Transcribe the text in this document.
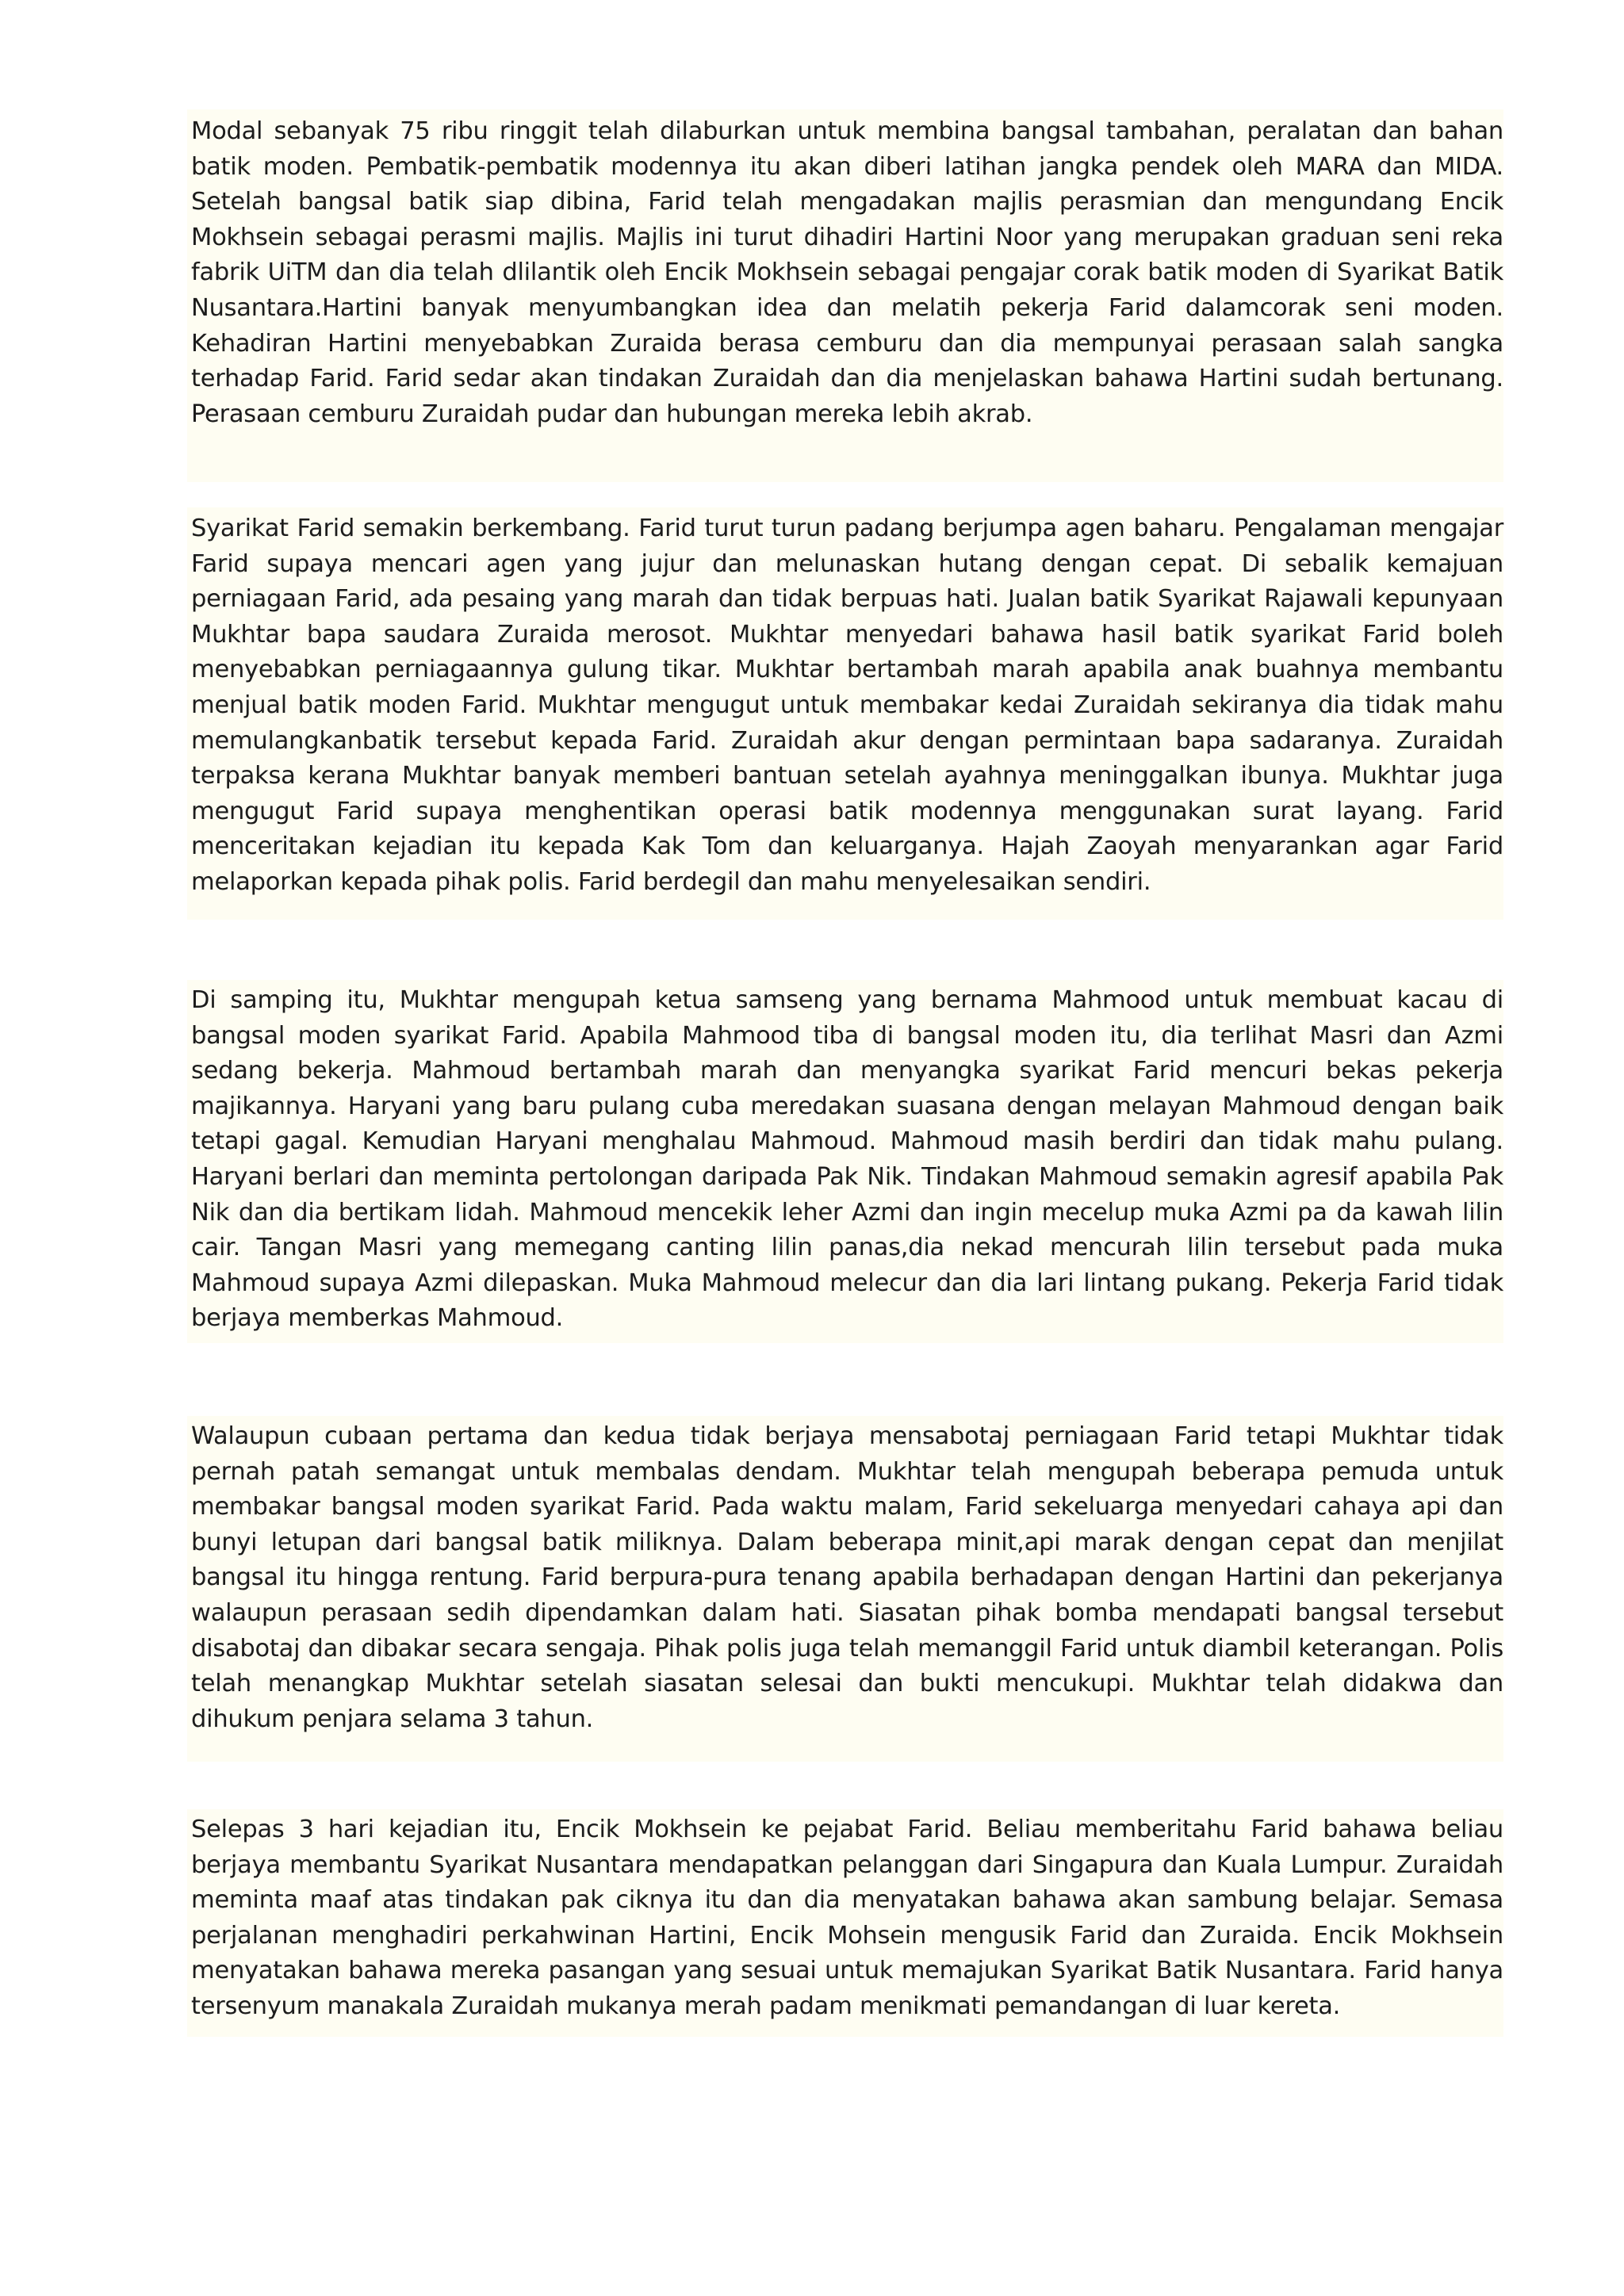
Modal sebanyak 75 ribu ringgit telah dilaburkan untuk membina bangsal tambahan, peralatan dan bahan batik moden. Pembatik-pembatik modennya itu akan diberi latihan jangka pendek oleh MARA dan MIDA. Setelah bangsal batik siap dibina, Farid telah mengadakan majlis perasmian dan mengundang Encik Mokhsein sebagai perasmi majlis. Majlis ini turut dihadiri Hartini Noor yang merupakan graduan seni reka fabrik UiTM dan dia telah dlilantik oleh Encik Mokhsein sebagai pengajar corak batik moden di Syarikat Batik Nusantara.Hartini banyak menyumbangkan idea dan melatih pekerja Farid dalamcorak seni moden. Kehadiran Hartini menyebabkan Zuraida berasa cemburu dan dia mempunyai perasaan salah sangka terhadap Farid. Farid sedar akan tindakan Zuraidah dan dia menjelaskan bahawa Hartini sudah bertunang. Perasaan cemburu Zuraidah pudar dan hubungan mereka lebih akrab.

Syarikat Farid semakin berkembang. Farid turut turun padang berjumpa agen baharu. Pengalaman mengajar Farid supaya mencari agen yang jujur dan melunaskan hutang dengan cepat. Di sebalik kemajuan perniagaan Farid, ada pesaing yang marah dan tidak berpuas hati. Jualan batik Syarikat Rajawali kepunyaan Mukhtar bapa saudara Zuraida merosot. Mukhtar menyedari bahawa hasil batik syarikat Farid boleh menyebabkan perniagaannya gulung tikar. Mukhtar bertambah marah apabila anak buahnya membantu menjual batik moden Farid. Mukhtar mengugut untuk membakar kedai Zuraidah sekiranya dia tidak mahu memulangkanbatik tersebut kepada Farid. Zuraidah akur dengan permintaan bapa sadaranya. Zuraidah terpaksa kerana Mukhtar banyak memberi bantuan setelah ayahnya meninggalkan ibunya. Mukhtar juga mengugut Farid supaya menghentikan operasi batik modennya menggunakan surat layang. Farid menceritakan kejadian itu kepada Kak Tom dan keluarganya. Hajah Zaoyah menyarankan agar Farid melaporkan kepada pihak polis. Farid berdegil dan mahu menyelesaikan sendiri.

Di samping itu, Mukhtar mengupah ketua samseng yang bernama Mahmood untuk membuat kacau di bangsal moden syarikat Farid. Apabila Mahmood tiba di bangsal moden itu, dia terlihat Masri dan Azmi sedang bekerja. Mahmoud bertambah marah dan menyangka syarikat Farid mencuri bekas pekerja majikannya. Haryani yang baru pulang cuba meredakan suasana dengan melayan Mahmoud dengan baik tetapi gagal. Kemudian Haryani menghalau Mahmoud. Mahmoud masih berdiri dan tidak mahu pulang. Haryani berlari dan meminta pertolongan daripada Pak Nik. Tindakan Mahmoud semakin agresif apabila Pak Nik dan dia bertikam lidah. Mahmoud mencekik leher Azmi dan ingin mecelup muka Azmi pa da kawah lilin cair. Tangan Masri yang memegang canting lilin panas,dia nekad mencurah lilin tersebut pada muka Mahmoud supaya Azmi dilepaskan. Muka Mahmoud melecur dan dia lari lintang pukang. Pekerja Farid tidak berjaya memberkas Mahmoud.

Walaupun cubaan pertama dan kedua tidak berjaya mensabotaj perniagaan Farid tetapi Mukhtar tidak pernah patah semangat untuk membalas dendam. Mukhtar telah mengupah beberapa pemuda untuk membakar bangsal moden syarikat Farid. Pada waktu malam, Farid sekeluarga menyedari cahaya api dan bunyi letupan dari bangsal batik miliknya. Dalam beberapa minit,api marak dengan cepat dan menjilat bangsal itu hingga rentung. Farid berpura-pura tenang apabila berhadapan dengan Hartini dan pekerjanya walaupun perasaan sedih dipendamkan dalam hati. Siasatan pihak bomba mendapati bangsal tersebut disabotaj dan dibakar secara sengaja. Pihak polis juga telah memanggil Farid untuk diambil keterangan. Polis telah menangkap Mukhtar setelah siasatan selesai dan bukti mencukupi. Mukhtar telah didakwa dan dihukum penjara selama 3 tahun.

Selepas 3 hari kejadian itu, Encik Mokhsein ke pejabat Farid. Beliau memberitahu Farid bahawa beliau berjaya membantu Syarikat Nusantara mendapatkan pelanggan dari Singapura dan Kuala Lumpur. Zuraidah meminta maaf atas tindakan pak ciknya itu dan dia menyatakan bahawa akan sambung belajar. Semasa perjalanan menghadiri perkahwinan Hartini, Encik Mohsein mengusik Farid dan Zuraida. Encik Mokhsein menyatakan bahawa mereka pasangan yang sesuai untuk memajukan Syarikat Batik Nusantara. Farid hanya tersenyum manakala Zuraidah mukanya merah padam menikmati pemandangan di luar kereta.
